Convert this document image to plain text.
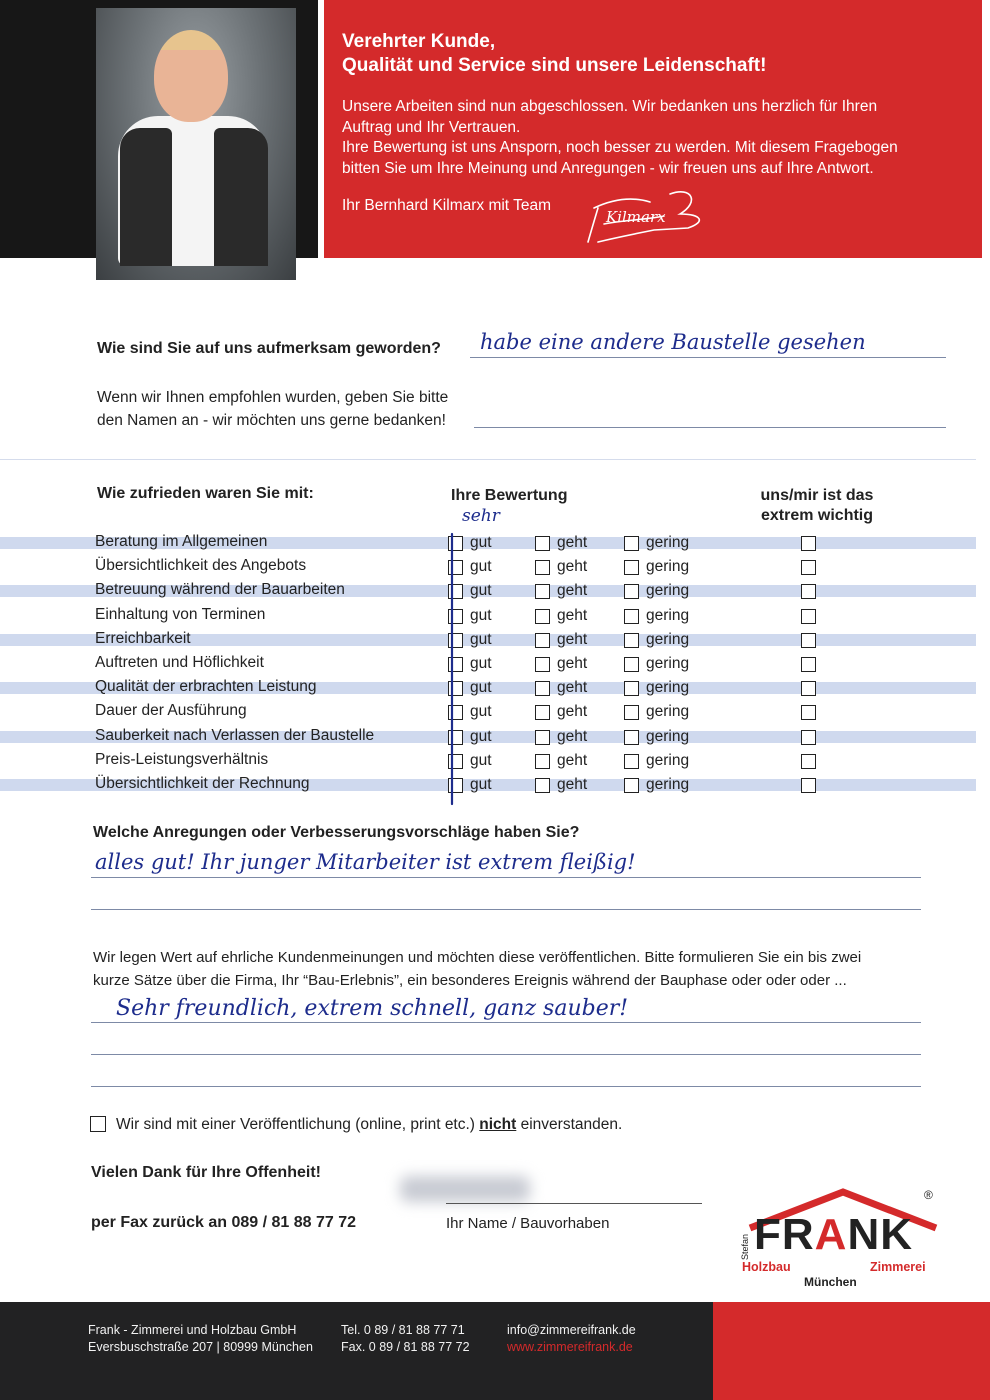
Verehrter Kunde,
Qualität und Service sind unsere Leidenschaft!
Unsere Arbeiten sind nun abgeschlossen. Wir bedanken uns herzlich für Ihren
Auftrag und Ihr Vertrauen.
Ihre Bewertung ist uns Ansporn, noch besser zu werden. Mit diesem Fragebogen
bitten Sie um Ihre Meinung und Anregungen - wir freuen uns auf Ihre Antwort.
Ihr Bernhard Kilmarx mit Team
Kilmarx
Wie sind Sie auf uns aufmerksam geworden? habe eine andere Baustelle gesehen
Wenn wir Ihnen empfohlen wurden, geben Sie bitte
den Namen an - wir möchten uns gerne bedanken!
Wie zufrieden waren Sie mit:	Ihre Bewertung	uns/mir ist das
extrem wichtig
sehr
Beratung im Allgemeinen	gut	geht	gering
Übersichtlichkeit des Angebots	gut	geht	gering
Betreuung während der Bauarbeiten	gut	geht	gering
Einhaltung von Terminen	gut	geht	gering
Erreichbarkeit	gut	geht	gering
Auftreten und Höflichkeit	gut	geht	gering
Qualität der erbrachten Leistung	gut	geht	gering
Dauer der Ausführung	gut	geht	gering
Sauberkeit nach Verlassen der Baustelle	gut	geht	gering
Preis-Leistungsverhältnis	gut	geht	gering
Übersichtlichkeit der Rechnung	gut	geht	gering
Welche Anregungen oder Verbesserungsvorschläge haben Sie?
alles gut! Ihr junger Mitarbeiter ist extrem fleißig!
Wir legen Wert auf ehrliche Kundenmeinungen und möchten diese veröffentlichen. Bitte formulieren Sie ein bis zwei
kurze Sätze über die Firma, Ihr “Bau-Erlebnis”, ein besonderes Ereignis während der Bauphase oder oder oder ...
Sehr freundlich, extrem schnell, ganz sauber!
Wir sind mit einer Veröffentlichung (online, print etc.) nicht einverstanden.
Vielen Dank für Ihre Offenheit!
per Fax zurück an 089 / 81 88 77 72	Ihr Name / Bauvorhaben
®
Stefan FRANK
Holzbau	Zimmerei
München
Frank - Zimmerei und Holzbau GmbH
Eversbuschstraße 207 | 80999 München
Tel. 0 89 / 81 88 77 71
Fax. 0 89 / 81 88 77 72
info@zimmereifrank.de
www.zimmereifrank.de
